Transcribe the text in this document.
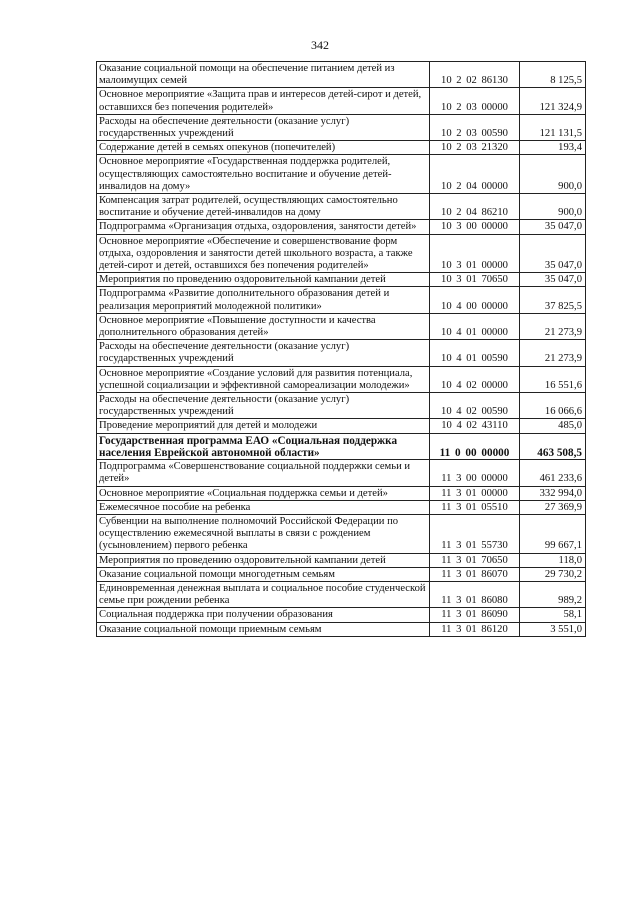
342
Оказание социальной помощи на обеспечение питанием детей из малоимущих семей	10 2 02 86130	8 125,5
Основное мероприятие «Защита прав и интересов детей-сирот и детей, оставшихся без попечения родителей»	10 2 03 00000	121 324,9
Расходы на обеспечение деятельности (оказание услуг) государственных учреждений	10 2 03 00590	121 131,5
Содержание детей в семьях опекунов (попечителей)	10 2 03 21320	193,4
Основное мероприятие «Государственная поддержка родителей, осуществляющих самостоятельно воспитание и обучение детей-инвалидов на дому»	10 2 04 00000	900,0
Компенсация затрат родителей, осуществляющих самостоятельно воспитание и обучение детей-инвалидов на дому	10 2 04 86210	900,0
Подпрограмма «Организация отдыха, оздоровления, занятости детей»	10 3 00 00000	35 047,0
Основное мероприятие «Обеспечение и совершенствование форм отдыха, оздоровления и занятости детей школьного возраста, а также детей-сирот и детей, оставшихся без попечения родителей»	10 3 01 00000	35 047,0
Мероприятия по проведению оздоровительной кампании детей	10 3 01 70650	35 047,0
Подпрограмма «Развитие дополнительного образования детей и реализация мероприятий молодежной политики»	10 4 00 00000	37 825,5
Основное мероприятие «Повышение доступности и качества дополнительного образования детей»	10 4 01 00000	21 273,9
Расходы на обеспечение деятельности (оказание услуг) государственных учреждений	10 4 01 00590	21 273,9
Основное мероприятие «Создание условий для развития потенциала, успешной социализации и эффективной самореализации молодежи»	10 4 02 00000	16 551,6
Расходы на обеспечение деятельности (оказание услуг) государственных учреждений	10 4 02 00590	16 066,6
Проведение мероприятий для детей и молодежи	10 4 02 43110	485,0
Государственная программа ЕАО «Социальная поддержка населения Еврейской автономной области»	11 0 00 00000	463 508,5
Подпрограмма «Совершенствование социальной поддержки семьи и детей»	11 3 00 00000	461 233,6
Основное мероприятие «Социальная поддержка семьи и детей»	11 3 01 00000	332 994,0
Ежемесячное пособие на ребенка	11 3 01 05510	27 369,9
Субвенции на выполнение полномочий Российской Федерации по осуществлению ежемесячной выплаты в связи с рождением (усыновлением) первого ребенка	11 3 01 55730	99 667,1
Мероприятия по проведению оздоровительной кампании детей	11 3 01 70650	118,0
Оказание социальной помощи многодетным семьям	11 3 01 86070	29 730,2
Единовременная денежная выплата и социальное пособие студенческой семье при рождении ребенка	11 3 01 86080	989,2
Социальная поддержка при получении образования	11 3 01 86090	58,1
Оказание социальной помощи приемным семьям	11 3 01 86120	3 551,0
